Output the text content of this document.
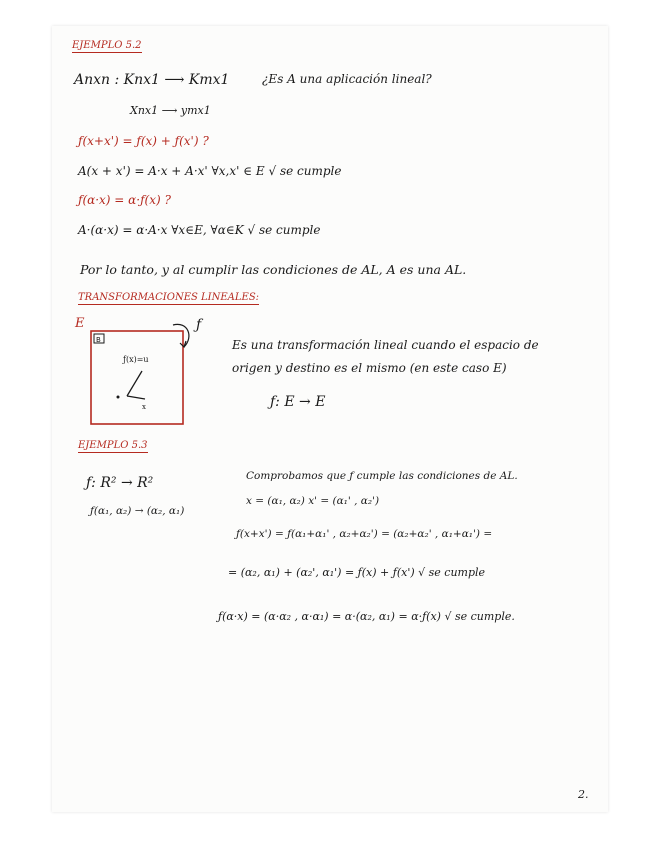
EJEMPLO 5.2
Anxn : Knx1 ⟶ Kmx1	¿Es A una aplicación lineal?
Xnx1 ⟶ ymx1
ƒ(x+x') = ƒ(x) + ƒ(x') ?
A(x + x') = A·x + A·x' ∀x,x' ∈ E √ se cumple
ƒ(α·x) = α·ƒ(x) ?
A·(α·x) = α·A·x ∀x∈E, ∀α∈K √ se cumple
Por lo tanto, y al cumplir las condiciones de AL, A es una AL.
TRANSFORMACIONES LINEALES:
E
B
ƒ
ƒ(x)=u
x
Es una transformación lineal cuando el espacio de
origen y destino es el mismo (en este caso E)
ƒ: E → E
EJEMPLO 5.3
ƒ: R² → R²	Comprobamos que ƒ cumple las condiciones de AL.
x = (α₁, α₂) x' = (α₁' , α₂')
ƒ(α₁, α₂) → (α₂, α₁)
ƒ(x+x') = ƒ(α₁+α₁' , α₂+α₂') = (α₂+α₂' , α₁+α₁') =
= (α₂, α₁) + (α₂', α₁') = ƒ(x) + ƒ(x') √ se cumple
ƒ(α·x) = (α·α₂ , α·α₁) = α·(α₂, α₁) = α·ƒ(x) √ se cumple.
2.
